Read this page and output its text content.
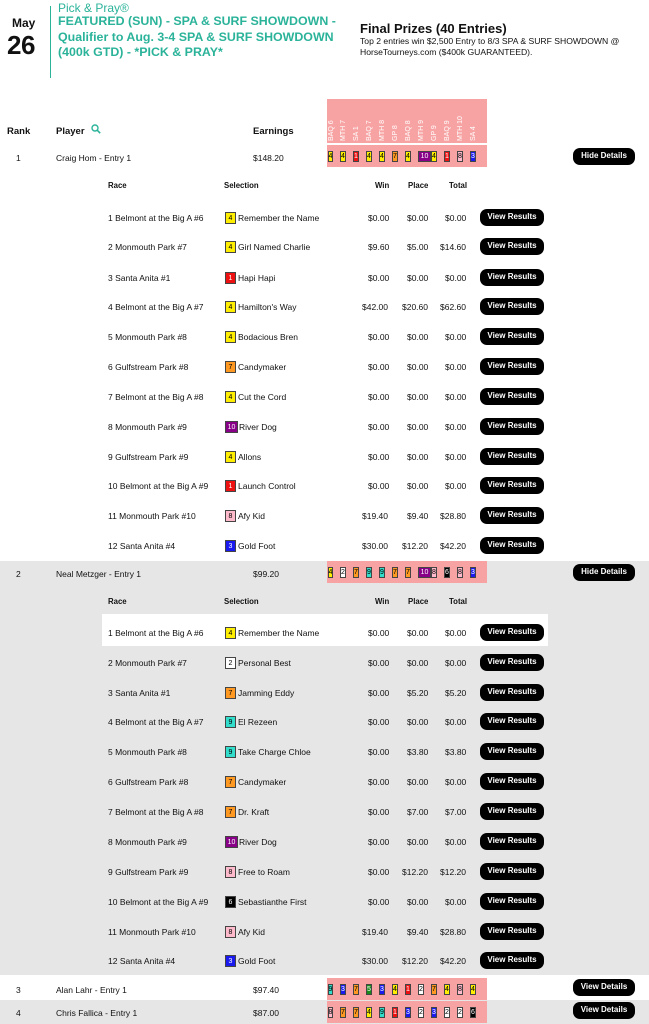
May
26
Pick & Pray®
FEATURED (SUN) - SPA & SURF SHOWDOWN - Qualifier to Aug. 3-4 SPA & SURF SHOWDOWN (400k GTD) - *PICK & PRAY*
Final Prizes (40 Entries)
Top 2 entries win $2,500 Entry to 8/3 SPA & SURF SHOWDOWN @ HorseTourneys.com ($400k GUARANTEED).
BAQ 6 MTH 7 SA 1 BAQ 7 MTH 8 GP 8 BAQ 8 MTH 9 GP 9 BAQ 9 MTH 10 SA 4
Rank	Player	Earnings
1	Craig Hom - Entry 1	$148.20	4 4 1 4 4 7 4	10 4 1 8 3	Hide Details
Race	Selection	Win Place	Total
1 Belmont at the Big A #6	4 Remember the Name	$0.00 $0.00 $0.00	View Results
2 Monmouth Park #7	4 Girl Named Charlie	$9.60 $5.00 $14.60	View Results
3 Santa Anita #1	1 Hapi Hapi	$0.00 $0.00 $0.00	View Results
4 Belmont at the Big A #7	4 Hamilton's Way	$42.00 $20.60 $62.60	View Results
5 Monmouth Park #8	4 Bodacious Bren	$0.00 $0.00 $0.00	View Results
6 Gulfstream Park #8	7 Candymaker	$0.00 $0.00 $0.00	View Results
7 Belmont at the Big A #8	4 Cut the Cord	$0.00 $0.00 $0.00	View Results
8 Monmouth Park #9	10 River Dog	$0.00 $0.00 $0.00	View Results
9 Gulfstream Park #9	4 Allons	$0.00 $0.00 $0.00	View Results
10 Belmont at the Big A #9	1 Launch Control	$0.00 $0.00 $0.00	View Results
11 Monmouth Park #10	8 Afy Kid	$19.40 $9.40 $28.80	View Results
12 Santa Anita #4	3 Gold Foot	$30.00 $12.20 $42.20	View Results
2	Neal Metzger - Entry 1	$99.20	4 2 7 9 9 7 7	10 8 6 8 3	Hide Details
Race	Selection	Win Place	Total
1 Belmont at the Big A #6	4 Remember the Name	$0.00 $0.00 $0.00	View Results
2 Monmouth Park #7	2 Personal Best	$0.00 $0.00 $0.00	View Results
3 Santa Anita #1	7 Jamming Eddy	$0.00 $5.20 $5.20	View Results
4 Belmont at the Big A #7	9 El Rezeen	$0.00 $0.00 $0.00	View Results
5 Monmouth Park #8	9 Take Charge Chloe	$0.00 $3.80 $3.80	View Results
6 Gulfstream Park #8	7 Candymaker	$0.00 $0.00 $0.00	View Results
7 Belmont at the Big A #8	7 Dr. Kraft	$0.00 $7.00 $7.00	View Results
8 Monmouth Park #9	10 River Dog	$0.00 $0.00 $0.00	View Results
9 Gulfstream Park #9	8 Free to Roam	$0.00 $12.20 $12.20	View Results
10 Belmont at the Big A #9	6 Sebastianthe First	$0.00 $0.00 $0.00	View Results
11 Monmouth Park #10	8 Afy Kid	$19.40 $9.40 $28.80	View Results
12 Santa Anita #4	3 Gold Foot	$30.00 $12.20 $42.20	View Results
3	Alan Lahr - Entry 1	$97.40	9 3 7 5 3 4 1 2 7 4 8 4	View Details
4	Chris Fallica - Entry 1	$87.00	8 7 7 4 9 1 3 2 3 2 2 6	View Details
